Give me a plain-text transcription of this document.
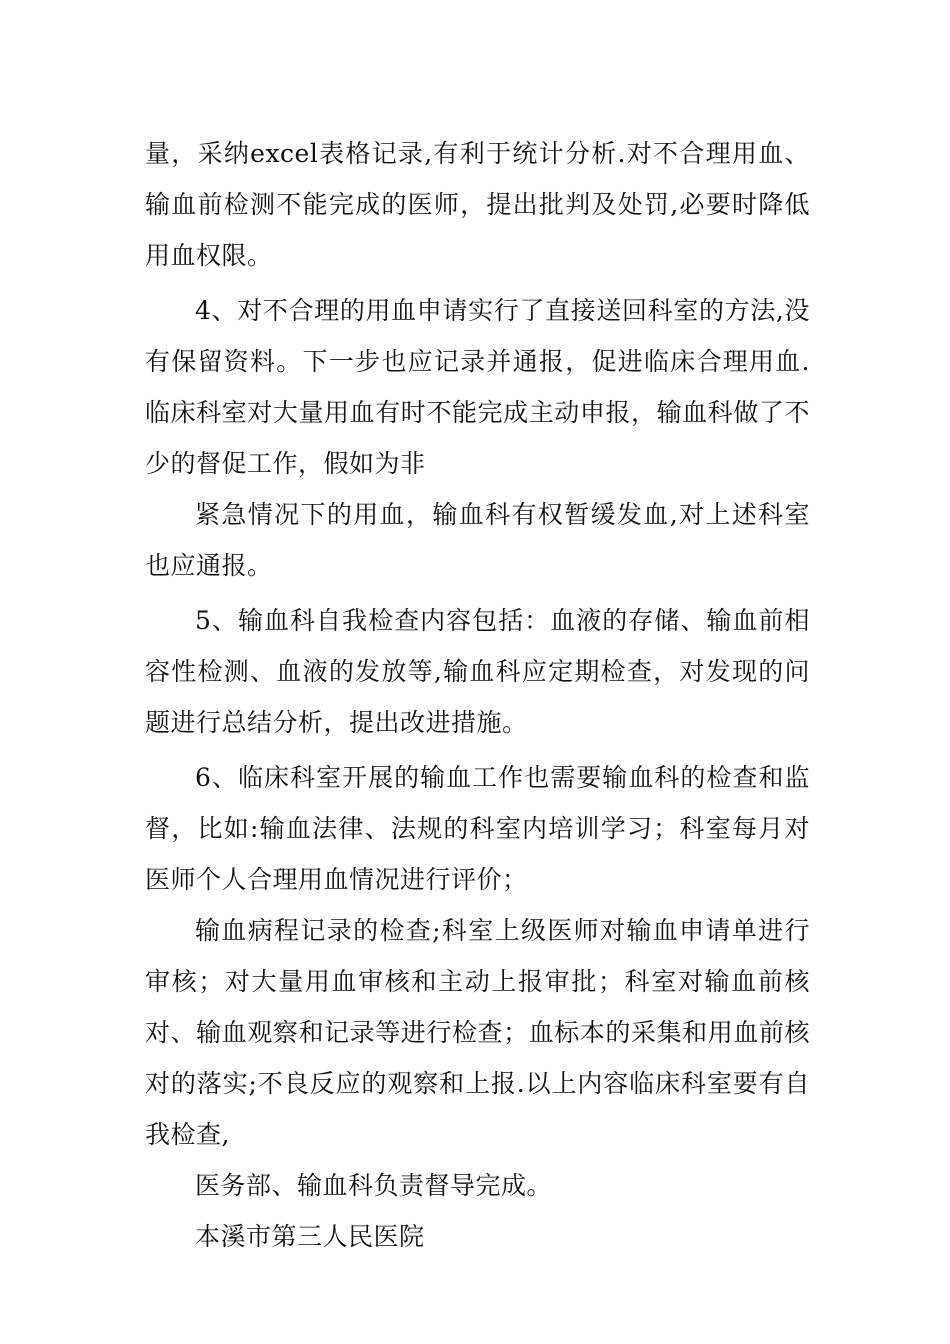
量，采纳excel表格记录,有利于统计分析.对不合理用血、输血前检测不能完成的医师，提出批判及处罚,必要时降低用血权限。

4、对不合理的用血申请实行了直接送回科室的方法,没有保留资料。下一步也应记录并通报，促进临床合理用血.临床科室对大量用血有时不能完成主动申报，输血科做了不少的督促工作，假如为非

紧急情况下的用血，输血科有权暂缓发血,对上述科室也应通报。

5、输血科自我检查内容包括：血液的存储、输血前相容性检测、血液的发放等,输血科应定期检查，对发现的问题进行总结分析，提出改进措施。

6、临床科室开展的输血工作也需要输血科的检查和监督，比如:输血法律、法规的科室内培训学习；科室每月对医师个人合理用血情况进行评价；

输血病程记录的检查;科室上级医师对输血申请单进行审核；对大量用血审核和主动上报审批；科室对输血前核对、输血观察和记录等进行检查；血标本的采集和用血前核对的落实;不良反应的观察和上报.以上内容临床科室要有自我检查,

医务部、输血科负责督导完成。

本溪市第三人民医院
